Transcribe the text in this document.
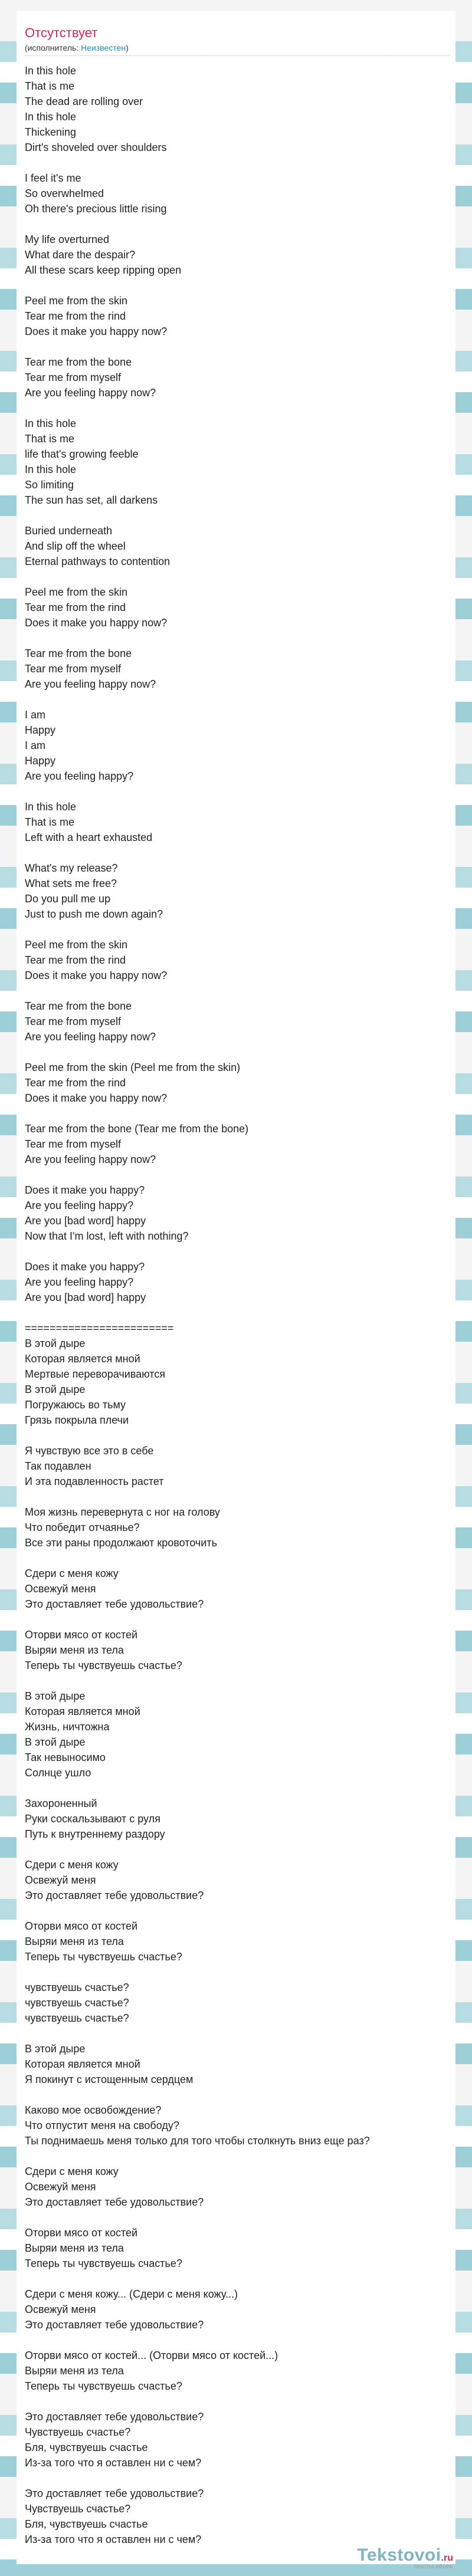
Отсутствует
(исполнитель: Неизвестен)
In this hole
That is me
The dead are rolling over
In this hole
Thickening
Dirt's shoveled over shoulders
I feel it's me
So overwhelmed
Oh there's precious little rising
My life overturned
What dare the despair?
All these scars keep ripping open
Peel me from the skin
Tear me from the rind
Does it make you happy now?
Tear me from the bone
Tear me from myself
Are you feeling happy now?
In this hole
That is me
life that's growing feeble
In this hole
So limiting
The sun has set, all darkens
Buried underneath
And slip off the wheel
Eternal pathways to contention
Peel me from the skin
Tear me from the rind
Does it make you happy now?
Tear me from the bone
Tear me from myself
Are you feeling happy now?
I am
Happy
I am
Happy
Are you feeling happy?
In this hole
That is me
Left with a heart exhausted
What's my release?
What sets me free?
Do you pull me up
Just to push me down again?
Peel me from the skin
Tear me from the rind
Does it make you happy now?
Tear me from the bone
Tear me from myself
Are you feeling happy now?
Peel me from the skin (Peel me from the skin)
Tear me from the rind
Does it make you happy now?
Tear me from the bone (Tear me from the bone)
Tear me from myself
Are you feeling happy now?
Does it make you happy?
Are you feeling happy?
Are you [bad word] happy
Now that I'm lost, left with nothing?
Does it make you happy?
Are you feeling happy?
Are you [bad word] happy
========================
В этой дыре
Которая является мной
Мертвые переворачиваются
В этой дыре
Погружаюсь во тьму
Грязь покрыла плечи
Я чувствую все это в себе
Так подавлен
И эта подавленность растет
Моя жизнь перевернута с ног на голову
Что победит отчаянье?
Все эти раны продолжают кровоточить
Сдери с меня кожу
Освежуй меня
Это доставляет тебе удовольствие?
Оторви мясо от костей
Выряи меня из тела
Теперь ты чувствуешь счастье?
В этой дыре
Которая является мной
Жизнь, ничтожна
В этой дыре
Так невыносимо
Солнце ушло
Захороненный
Руки соскальзывают с руля
Путь к внутреннему раздору
Сдери с меня кожу
Освежуй меня
Это доставляет тебе удовольствие?
Оторви мясо от костей
Выряи меня из тела
Теперь ты чувствуешь счастье?
чувствуешь счастье?
чувствуешь счастье?
чувствуешь счастье?
В этой дыре
Которая является мной
Я покинут с истощенным сердцем
Каково мое освобождение?
Что отпустит меня на свободу?
Ты поднимаешь меня только для того чтобы столкнуть вниз еще раз?
Сдери с меня кожу
Освежуй меня
Это доставляет тебе удовольствие?
Оторви мясо от костей
Выряи меня из тела
Теперь ты чувствуешь счастье?
Сдери с меня кожу... (Сдери с меня кожу...)
Освежуй меня
Это доставляет тебе удовольствие?
Оторви мясо от костей... (Оторви мясо от костей...)
Выряи меня из тела
Теперь ты чувствуешь счастье?
Это доставляет тебе удовольствие?
Чувствуешь счастье?
Бля, чувствуешь счастье
Из-за того что я оставлен ни с чем?
Это доставляет тебе удовольствие?
Чувствуешь счастье?
Бля, чувствуешь счастье
Из-за того что я оставлен ни с чем?
Tekstovoi.ru
тексты песен
